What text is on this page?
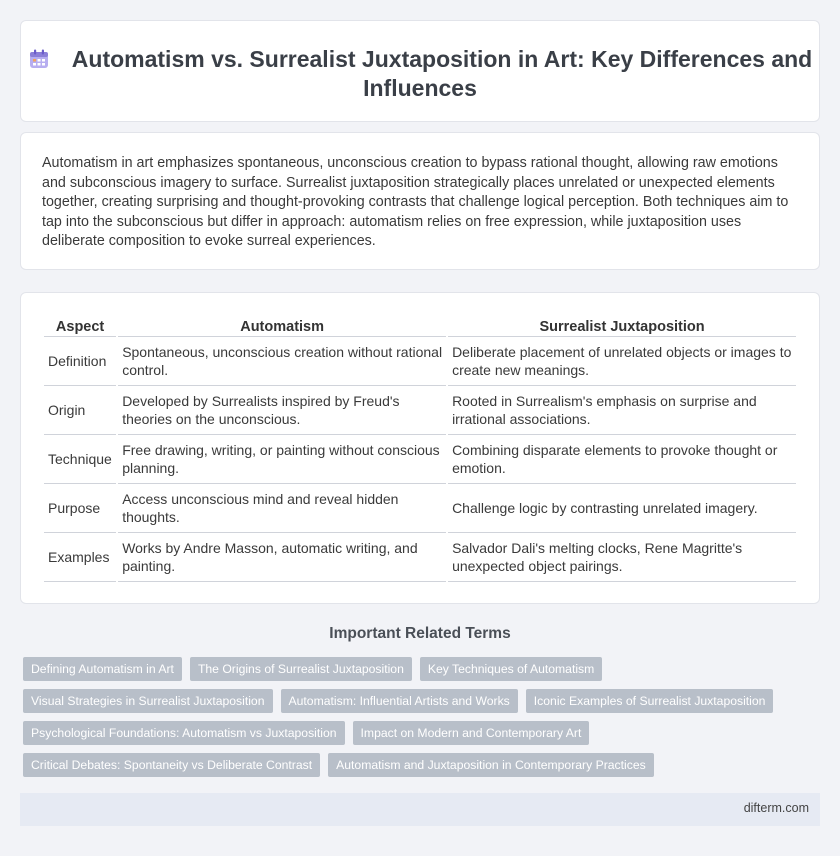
Automatism vs. Surrealist Juxtaposition in Art: Key Differences and Influences

Automatism in art emphasizes spontaneous, unconscious creation to bypass rational thought, allowing raw emotions and subconscious imagery to surface. Surrealist juxtaposition strategically places unrelated or unexpected elements together, creating surprising and thought-provoking contrasts that challenge logical perception. Both techniques aim to tap into the subconscious but differ in approach: automatism relies on free expression, while juxtaposition uses deliberate composition to evoke surreal experiences.

Aspect	Automatism	Surrealist Juxtaposition
Definition	Spontaneous, unconscious creation without rational control.	Deliberate placement of unrelated objects or images to create new meanings.
Origin	Developed by Surrealists inspired by Freud's theories on the unconscious.	Rooted in Surrealism's emphasis on surprise and irrational associations.
Technique	Free drawing, writing, or painting without conscious planning.	Combining disparate elements to provoke thought or emotion.
Purpose	Access unconscious mind and reveal hidden thoughts.	Challenge logic by contrasting unrelated imagery.
Examples	Works by Andre Masson, automatic writing, and painting.	Salvador Dali's melting clocks, Rene Magritte's unexpected object pairings.
Important Related Terms
Defining Automatism in Art	The Origins of Surrealist Juxtaposition	Key Techniques of Automatism
Visual Strategies in Surrealist Juxtaposition	Automatism: Influential Artists and Works	Iconic Examples of Surrealist Juxtaposition
Psychological Foundations: Automatism vs Juxtaposition	Impact on Modern and Contemporary Art
Critical Debates: Spontaneity vs Deliberate Contrast	Automatism and Juxtaposition in Contemporary Practices
difterm.com
